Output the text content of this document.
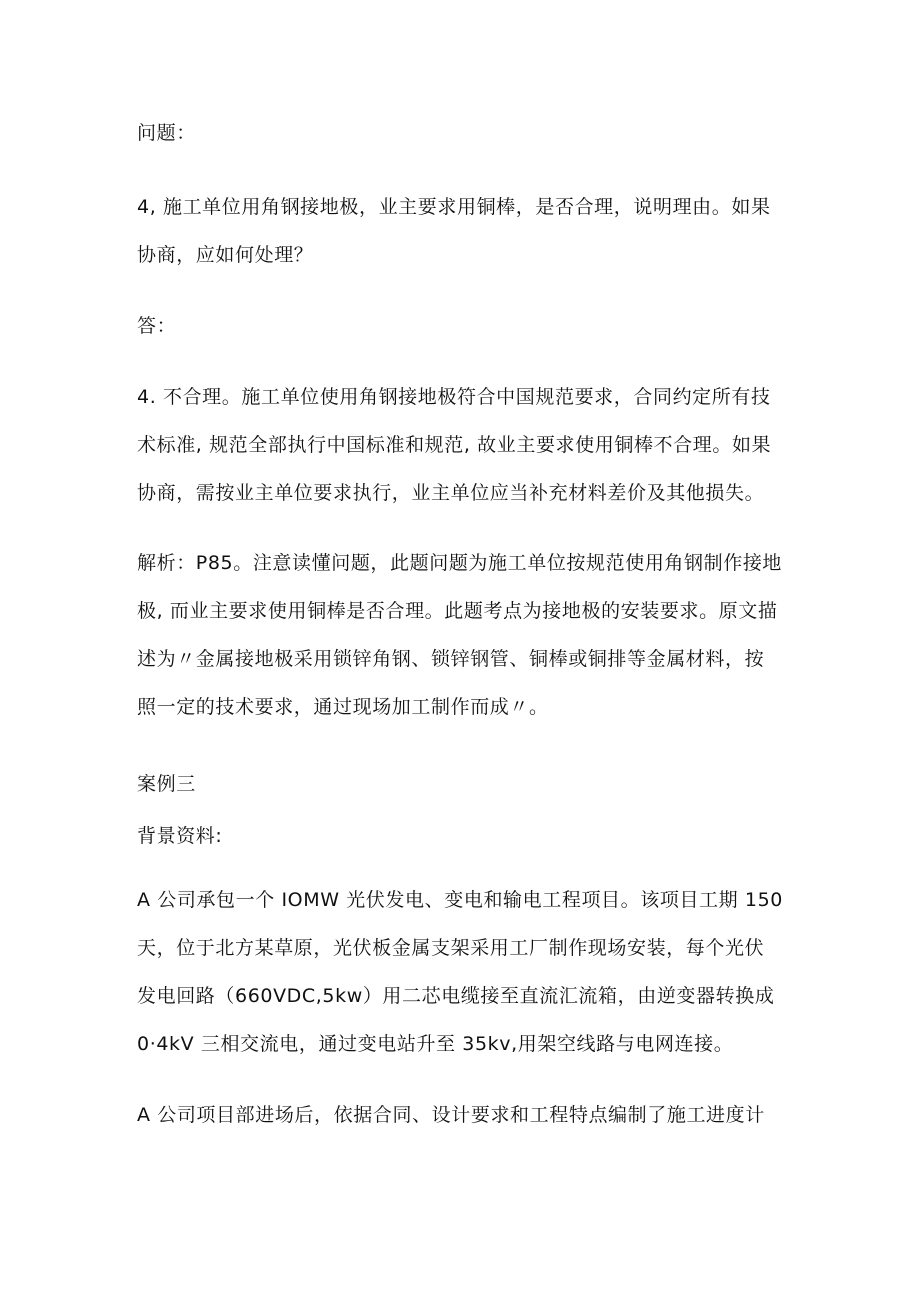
问题：
4, 施工单位用角钢接地极，业主要求用铜棒，是否合理，说明理由。如果
协商，应如何处理？
答：
4. 不合理。施工单位使用角钢接地极符合中国规范要求，合同约定所有技
术标准, 规范全部执行中国标准和规范, 故业主要求使用铜棒不合理。如果
协商，需按业主单位要求执行，业主单位应当补充材料差价及其他损失。
解析：P85。注意读懂问题，此题问题为施工单位按规范使用角钢制作接地
极, 而业主要求使用铜棒是否合理。此题考点为接地极的安装要求。原文描
述为〃金属接地极采用锁锌角钢、锁锌钢管、铜棒或铜排等金属材料，按
照一定的技术要求，通过现场加工制作而成〃。
案例三
背景资料:
A 公司承包一个 IOMW 光伏发电、变电和输电工程项目。该项目工期 150
天，位于北方某草原，光伏板金属支架采用工厂制作现场安装，每个光伏
发电回路（660VDC,5kw）用二芯电缆接至直流汇流箱，由逆变器转换成
0·4kV 三相交流电，通过变电站升至 35kv,用架空线路与电网连接。
A 公司项目部进场后，依据合同、设计要求和工程特点编制了施工进度计
